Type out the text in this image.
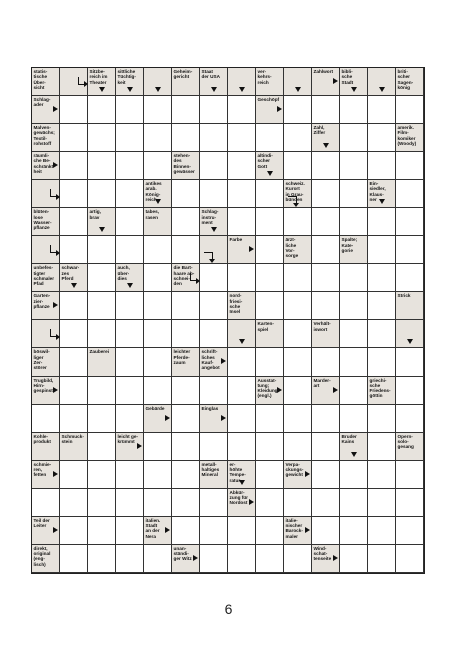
statis-
tische
Über-
sicht
Sitzbe-
reich im
Theater
sittliche
Tüchtig-
keit
Geheim-
gericht
Staat
der USA
ver-
kehrs-
reich
Zahlwort	bibli-
sche
Stadt
briti-
scher
Sagen-
könig
Schlag-
ader
Geschöpf
Malven-
gewächs;
Textil-
rohstoff
Zahl,
Ziffer
amerik.
Film-
komiker
(Woody)
räumli-
che Be-
schränkt-
heit
stehen-
des
Binnen-
gewässer
altindi-
scher
Gott
antikes
arab.
König-
reich
schweiz.
Kurort
in Grau-
bünden
Ein-
siedler,
Klaus-
ner
blüten-
lose
Wasser-
pflanze
artig,
brav
tabes,
rasen
Schlag-
instru-
ment
Farbe	ärzt-
liche
Vor-
sorge
Spalte;
Kate-
gorie
unbefes-
tigter
schmaler
Pfad
schwar-
zes
Pferd
auch,
über-
dies
die Bart-
haare ab-
schnei-
den
Garten-
zier-
pflanze
nord-
friesi-
sche
Insel
Strick
Karten-
spiel
Verhält-
iswort
böswil-
liger
Zer-
störer
Zauberei	leichter
Pferde-
zaum
schrift-
liches
Kauf-
angebot
Trugbild,
Hirn-
gespinst
Ausstat-
tung;
Kleidung
(engl.)
Marder-
art
griechi-
sche
Friedens-
göttin
Gebärde	Einglas
Kohle-
produkt
Schmuck-
stein
leicht ge-
krümmt
Bruder
Kains
Opern-
solo-
gesang
schmie-
ren,
fetten
metall-
haltiges
Mineral
er-
höhte
Tempe-
ratur
Verpa-
ckungs-
gewicht
Abkür-
zung für
Nordost
Teil der
Leiter
italien.
Stadt
an der
Nera
italie-
nischer
Barock-
maler
direkt,
original
(eng-
lisch)
unan-
ständi-
ger Witz
Wind-
schat-
tenseite
6
